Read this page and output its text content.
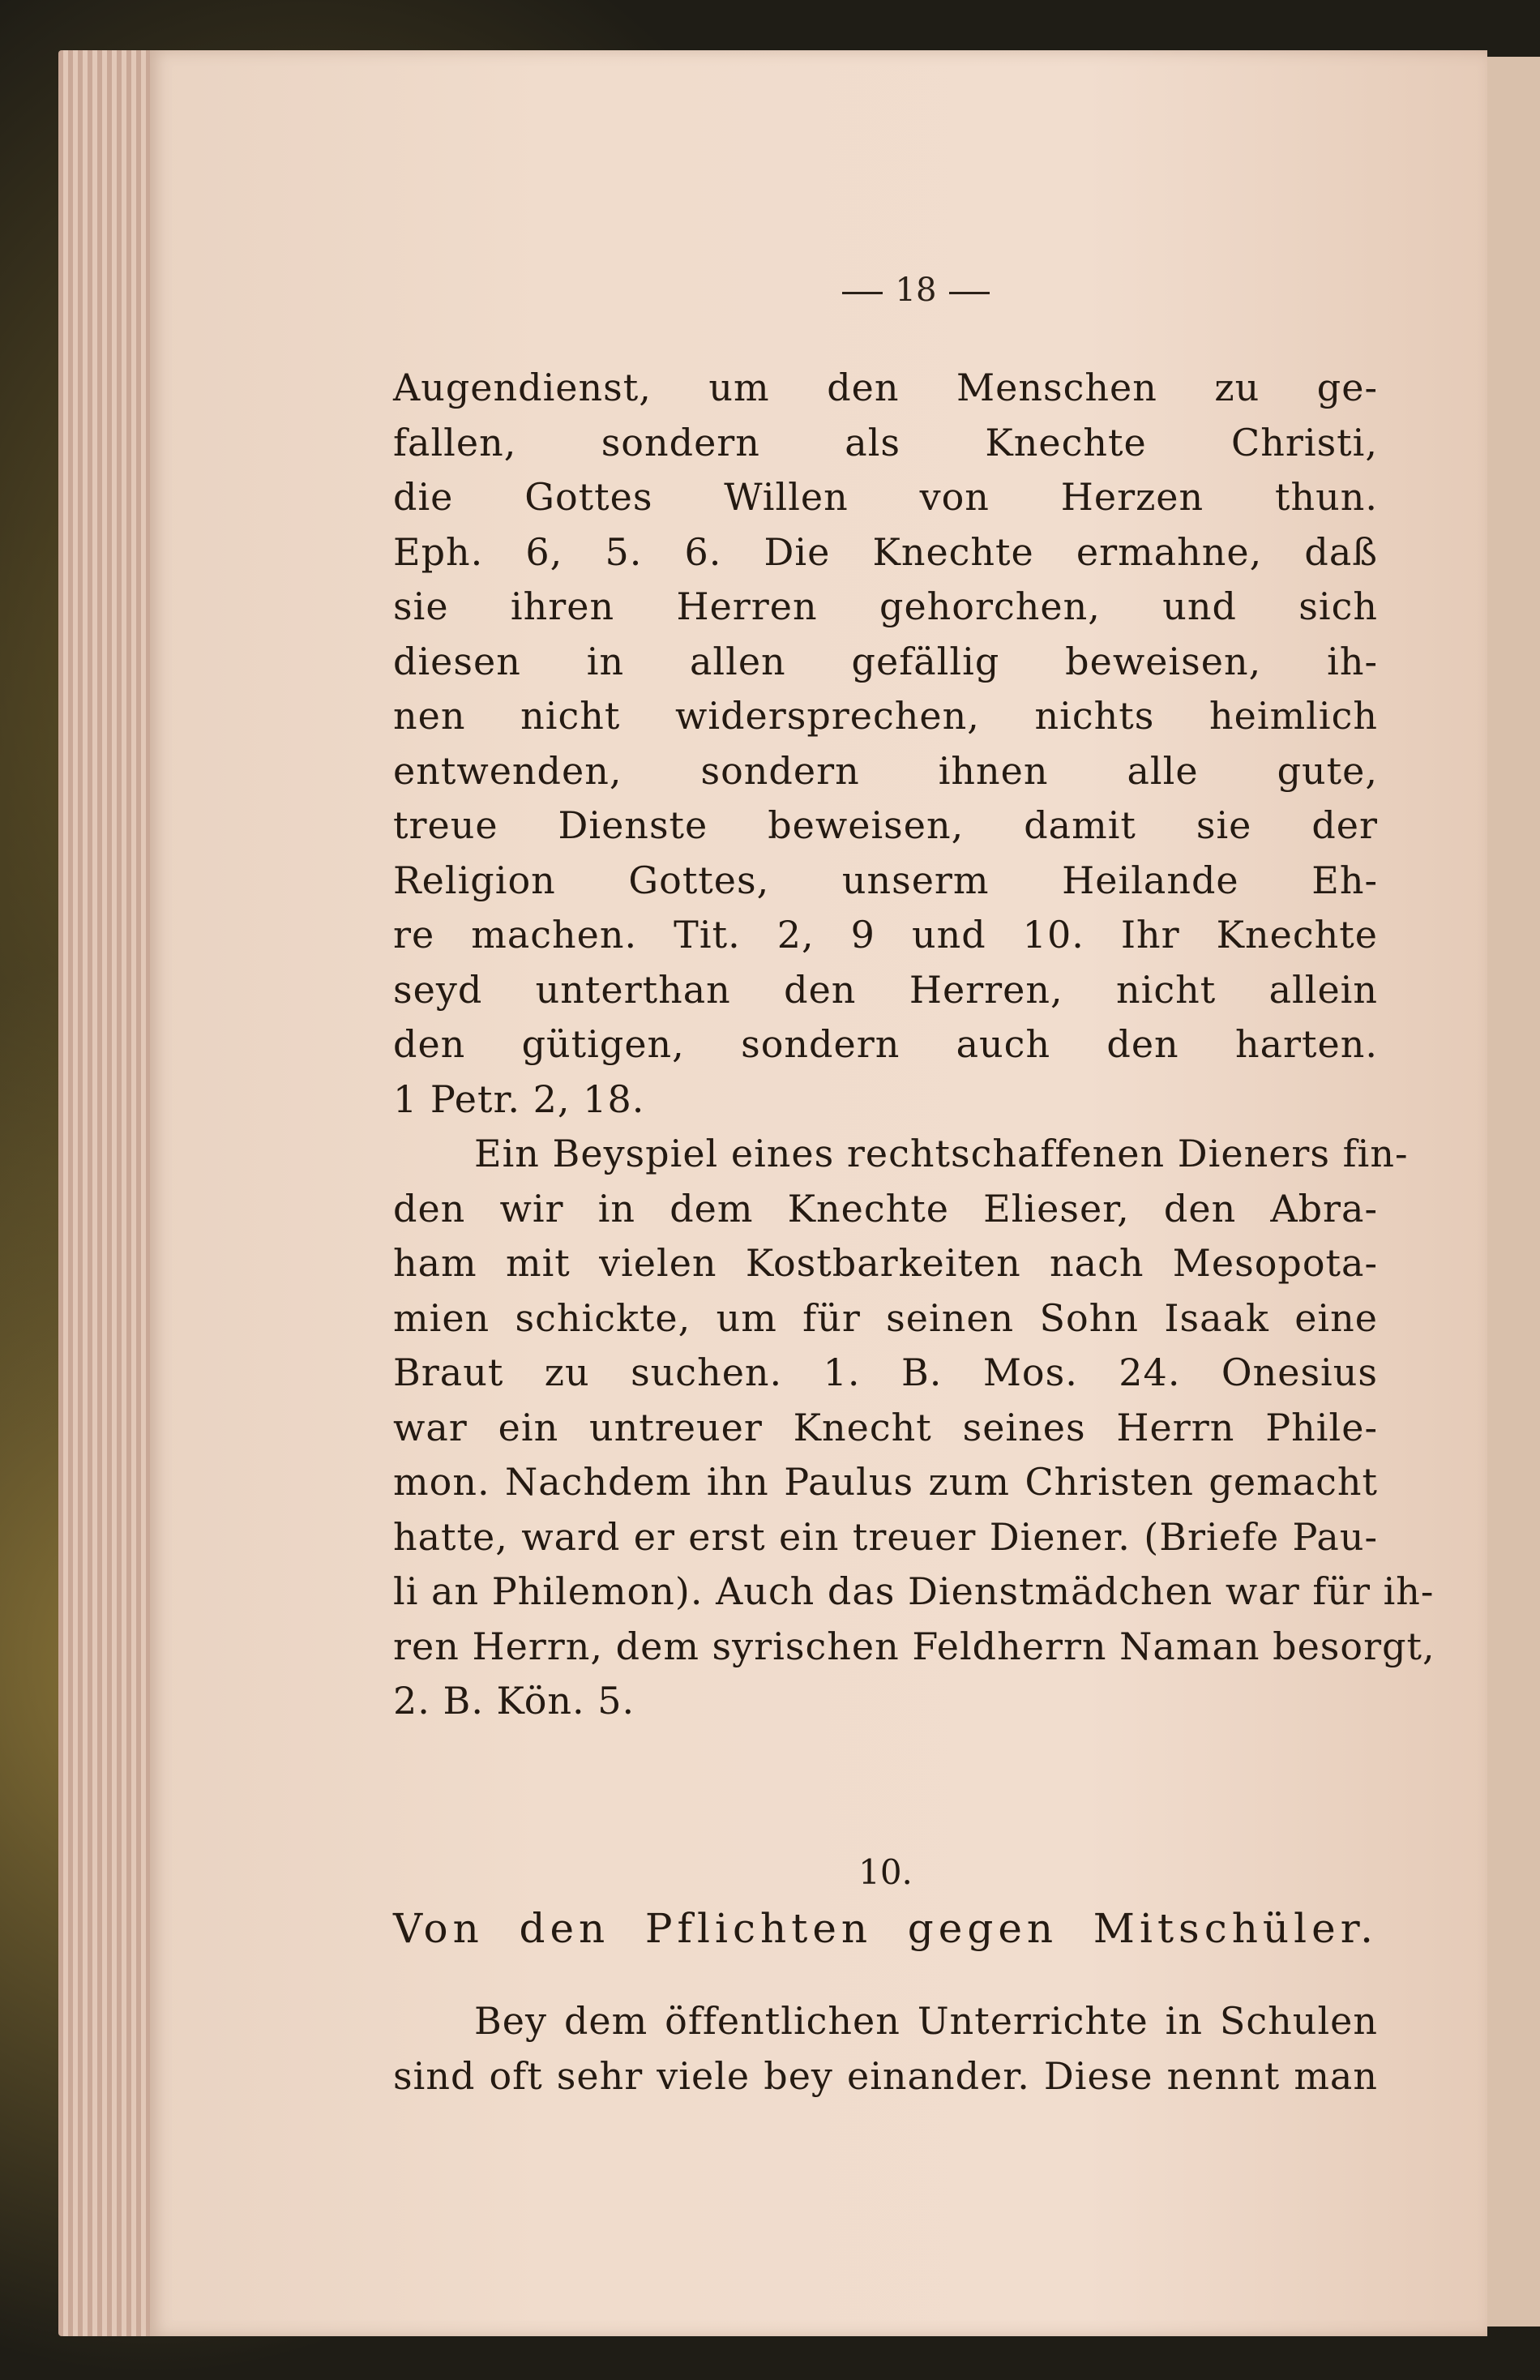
18
Augendienst, um den Menschen zu ge-
fallen, sondern als Knechte Christi,
die Gottes Willen von Herzen thun.
Eph. 6, 5. 6. Die Knechte ermahne, daß
sie ihren Herren gehorchen, und sich
diesen in allen gefällig beweisen, ih-
nen nicht widersprechen, nichts heimlich
entwenden, sondern ihnen alle gute,
treue Dienste beweisen, damit sie der
Religion Gottes, unserm Heilande Eh-
re machen. Tit. 2, 9 und 10. Ihr Knechte
seyd unterthan den Herren, nicht allein
den gütigen, sondern auch den harten.
1 Petr. 2, 18.
Ein Beyspiel eines rechtschaffenen Dieners fin-
den wir in dem Knechte Elieser, den Abra-
ham mit vielen Kostbarkeiten nach Mesopota-
mien schickte, um für seinen Sohn Isaak eine
Braut zu suchen. 1. B. Mos. 24. Onesius
war ein untreuer Knecht seines Herrn Phile-
mon. Nachdem ihn Paulus zum Christen gemacht
hatte, ward er erst ein treuer Diener. (Briefe Pau-
li an Philemon). Auch das Dienstmädchen war für ih-
ren Herrn, dem syrischen Feldherrn Naman besorgt,
2. B. Kön. 5.
10.
Von den Pflichten gegen Mitschüler.
Bey dem öffentlichen Unterrichte in Schulen
sind oft sehr viele bey einander. Diese nennt man
